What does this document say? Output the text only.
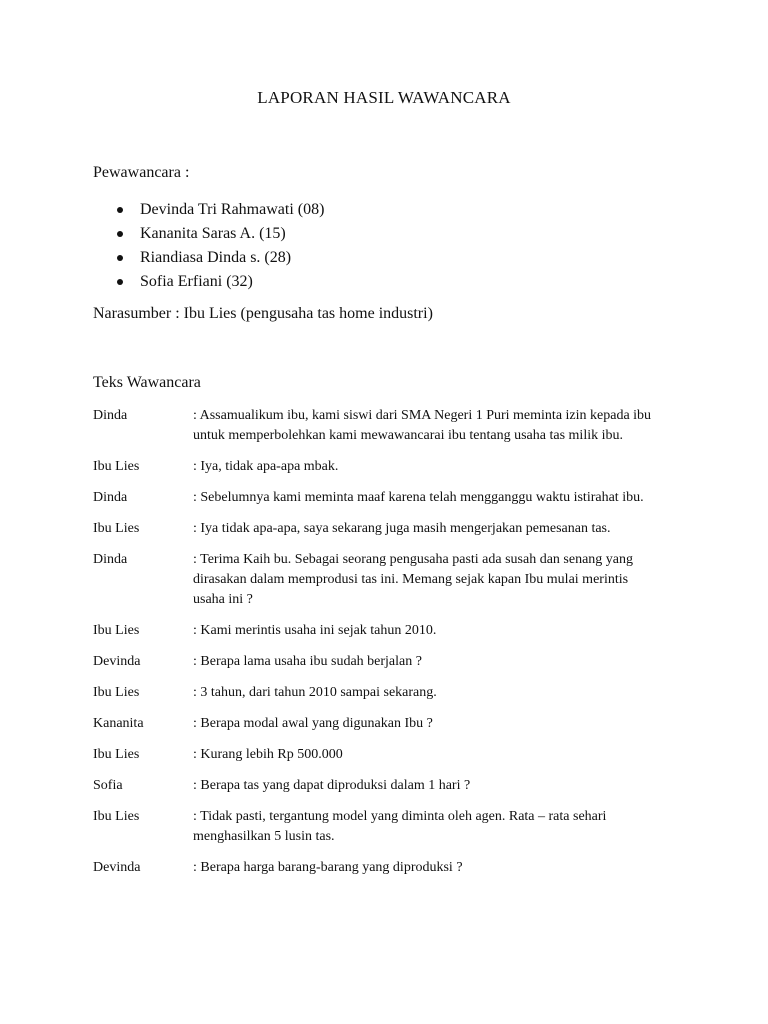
LAPORAN HASIL WAWANCARA
Pewawancara :
Devinda Tri Rahmawati (08)
Kananita Saras A. (15)
Riandiasa Dinda s. (28)
Sofia Erfiani (32)
Narasumber : Ibu Lies (pengusaha tas home industri)
Teks Wawancara
Dinda	: Assamualikum ibu, kami siswi dari SMA Negeri 1 Puri meminta izin kepada ibu untuk memperbolehkan kami mewawancarai ibu tentang usaha tas milik ibu.
Ibu Lies	: Iya, tidak apa-apa mbak.
Dinda	: Sebelumnya kami meminta maaf karena telah mengganggu waktu istirahat ibu.
Ibu Lies	: Iya tidak apa-apa, saya sekarang juga masih mengerjakan pemesanan tas.
Dinda	: Terima Kaih bu. Sebagai seorang pengusaha pasti ada susah dan senang yang dirasakan dalam memprodusi tas ini. Memang sejak kapan Ibu mulai merintis usaha ini ?
Ibu Lies	: Kami merintis usaha ini sejak tahun 2010.
Devinda	: Berapa lama usaha ibu sudah berjalan ?
Ibu Lies	: 3 tahun, dari tahun 2010 sampai sekarang.
Kananita	: Berapa modal awal yang digunakan Ibu ?
Ibu Lies	: Kurang lebih Rp 500.000
Sofia	: Berapa tas yang dapat diproduksi dalam 1 hari ?
Ibu Lies	: Tidak pasti, tergantung model yang diminta oleh agen. Rata – rata sehari menghasilkan 5 lusin tas.
Devinda	: Berapa harga barang-barang yang diproduksi ?
